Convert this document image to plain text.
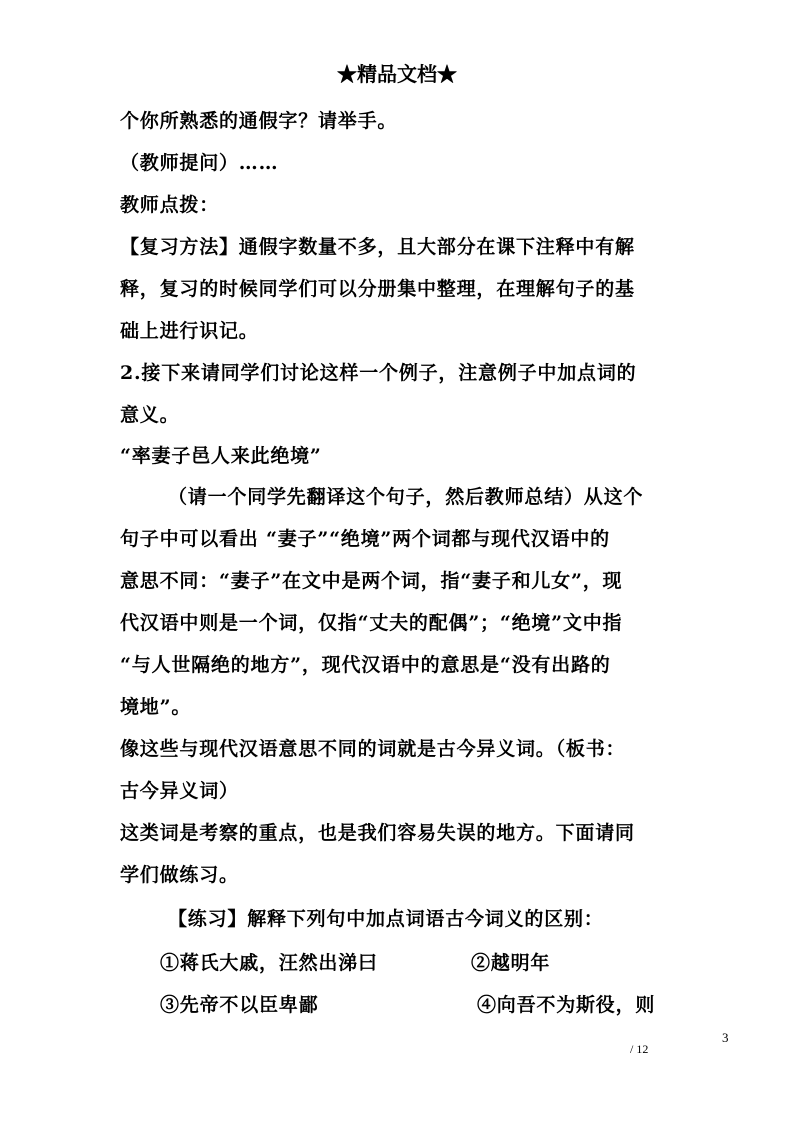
★精品文档★
个你所熟悉的通假字？请举手。
（教师提问）……
教师点拨：
【复习方法】通假字数量不多，且大部分在课下注释中有解
释，复习的时候同学们可以分册集中整理，在理解句子的基
础上进行识记。
2.接下来请同学们讨论这样一个例子，注意例子中加点词的
意义。
“率妻子邑人来此绝境”
（请一个同学先翻译这个句子，然后教师总结）从这个
句子中可以看出 “妻子”“绝境”两个词都与现代汉语中的
意思不同：“妻子”在文中是两个词，指“妻子和儿女”，现
代汉语中则是一个词，仅指“丈夫的配偶”；“绝境”文中指
“与人世隔绝的地方”，现代汉语中的意思是“没有出路的
境地”。
像这些与现代汉语意思不同的词就是古今异义词。（板书：
古今异义词）
这类词是考察的重点，也是我们容易失误的地方。下面请同
学们做练习。
【练习】解释下列句中加点词语古今词义的区别：
①蒋氏大戚，汪然出涕曰	②越明年
③先帝不以臣卑鄙	④向吾不为斯役，则
3
/ 12
